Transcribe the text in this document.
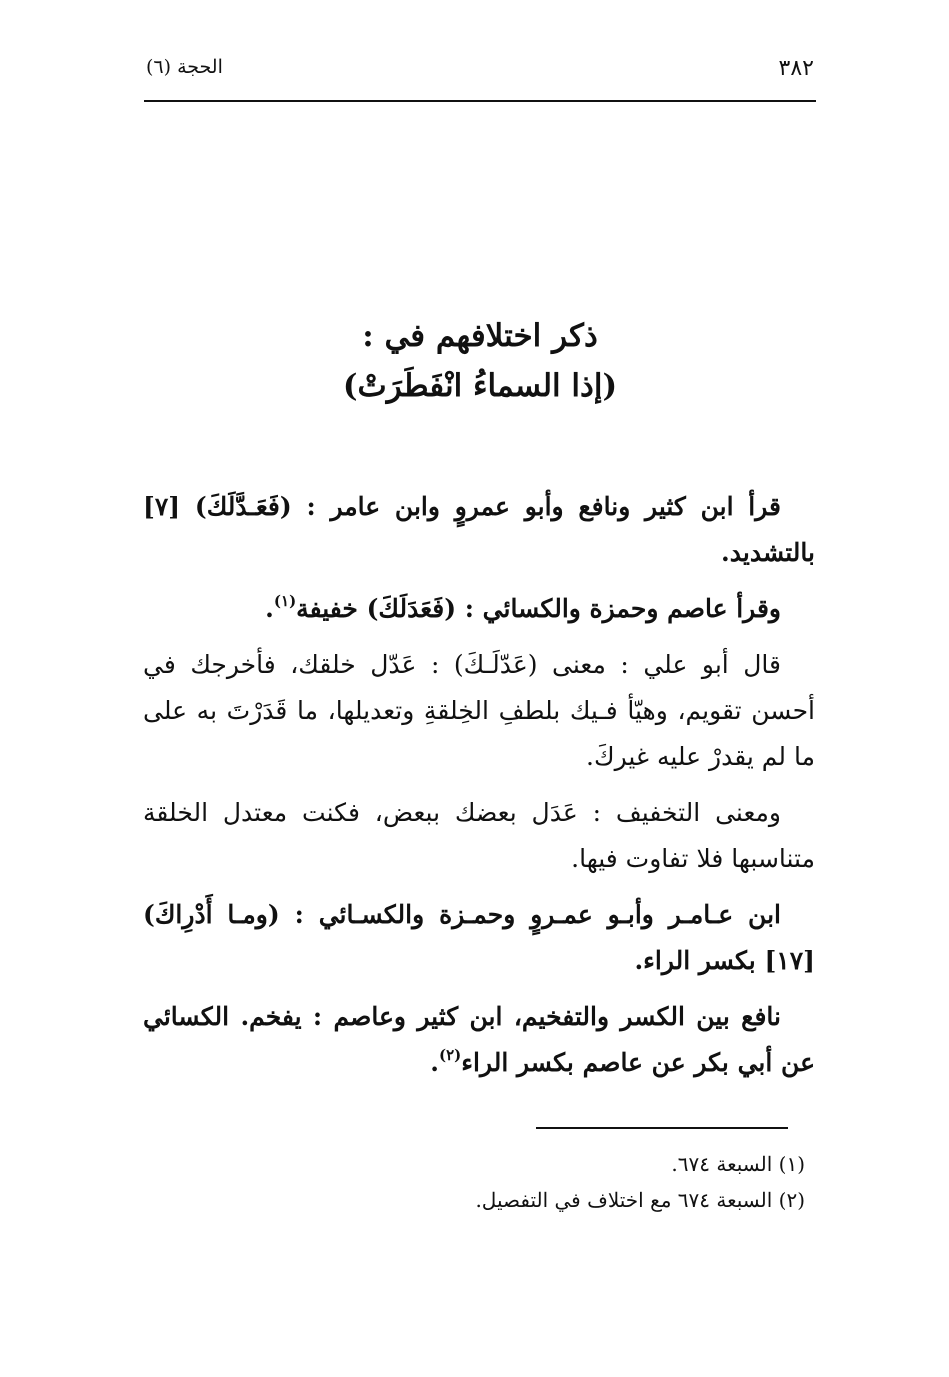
٣٨٢
الحجة (٦)
ذكر اختلافهم في :
(إذا السماءُ انْفَطَرَتْ)

قرأ ابن كثير ونافع وأبو عمروٍ وابن عامر : (فَعَـدَّلَكَ) [٧] بالتشديد.

وقرأ عاصم وحمزة والكسائي : (فَعَدَلَكَ) خفيفة$^{(١)}$.

قال أبو علي : معنى (عَدّلَـكَ) : عَدّل خلقك، فأخرجك في أحسن تقويم، وهيّأ فـيك بلطفِ الخِلقةِ وتعديلها، ما قَدَرْتَ به على ما لم يقدرْ عليه غيركَ.

ومعنى التخفيف : عَدَل بعضك ببعض، فكنت معتدل الخلقة متناسبها فلا تفاوت فيها.

ابن عـامـر وأبـو عمـروٍ وحمـزة والكسـائي : (ومـا أَدْرِاكَ) [١٧] بكسر الراء.

نافع بين الكسر والتفخيم، ابن كثير وعاصم : يفخم. الكسائي عن أبي بكر عن عاصم بكسر الراء$^{(٢)}$.

(١) السبعة ٦٧٤.
(٢) السبعة ٦٧٤ مع اختلاف في التفصيل.
